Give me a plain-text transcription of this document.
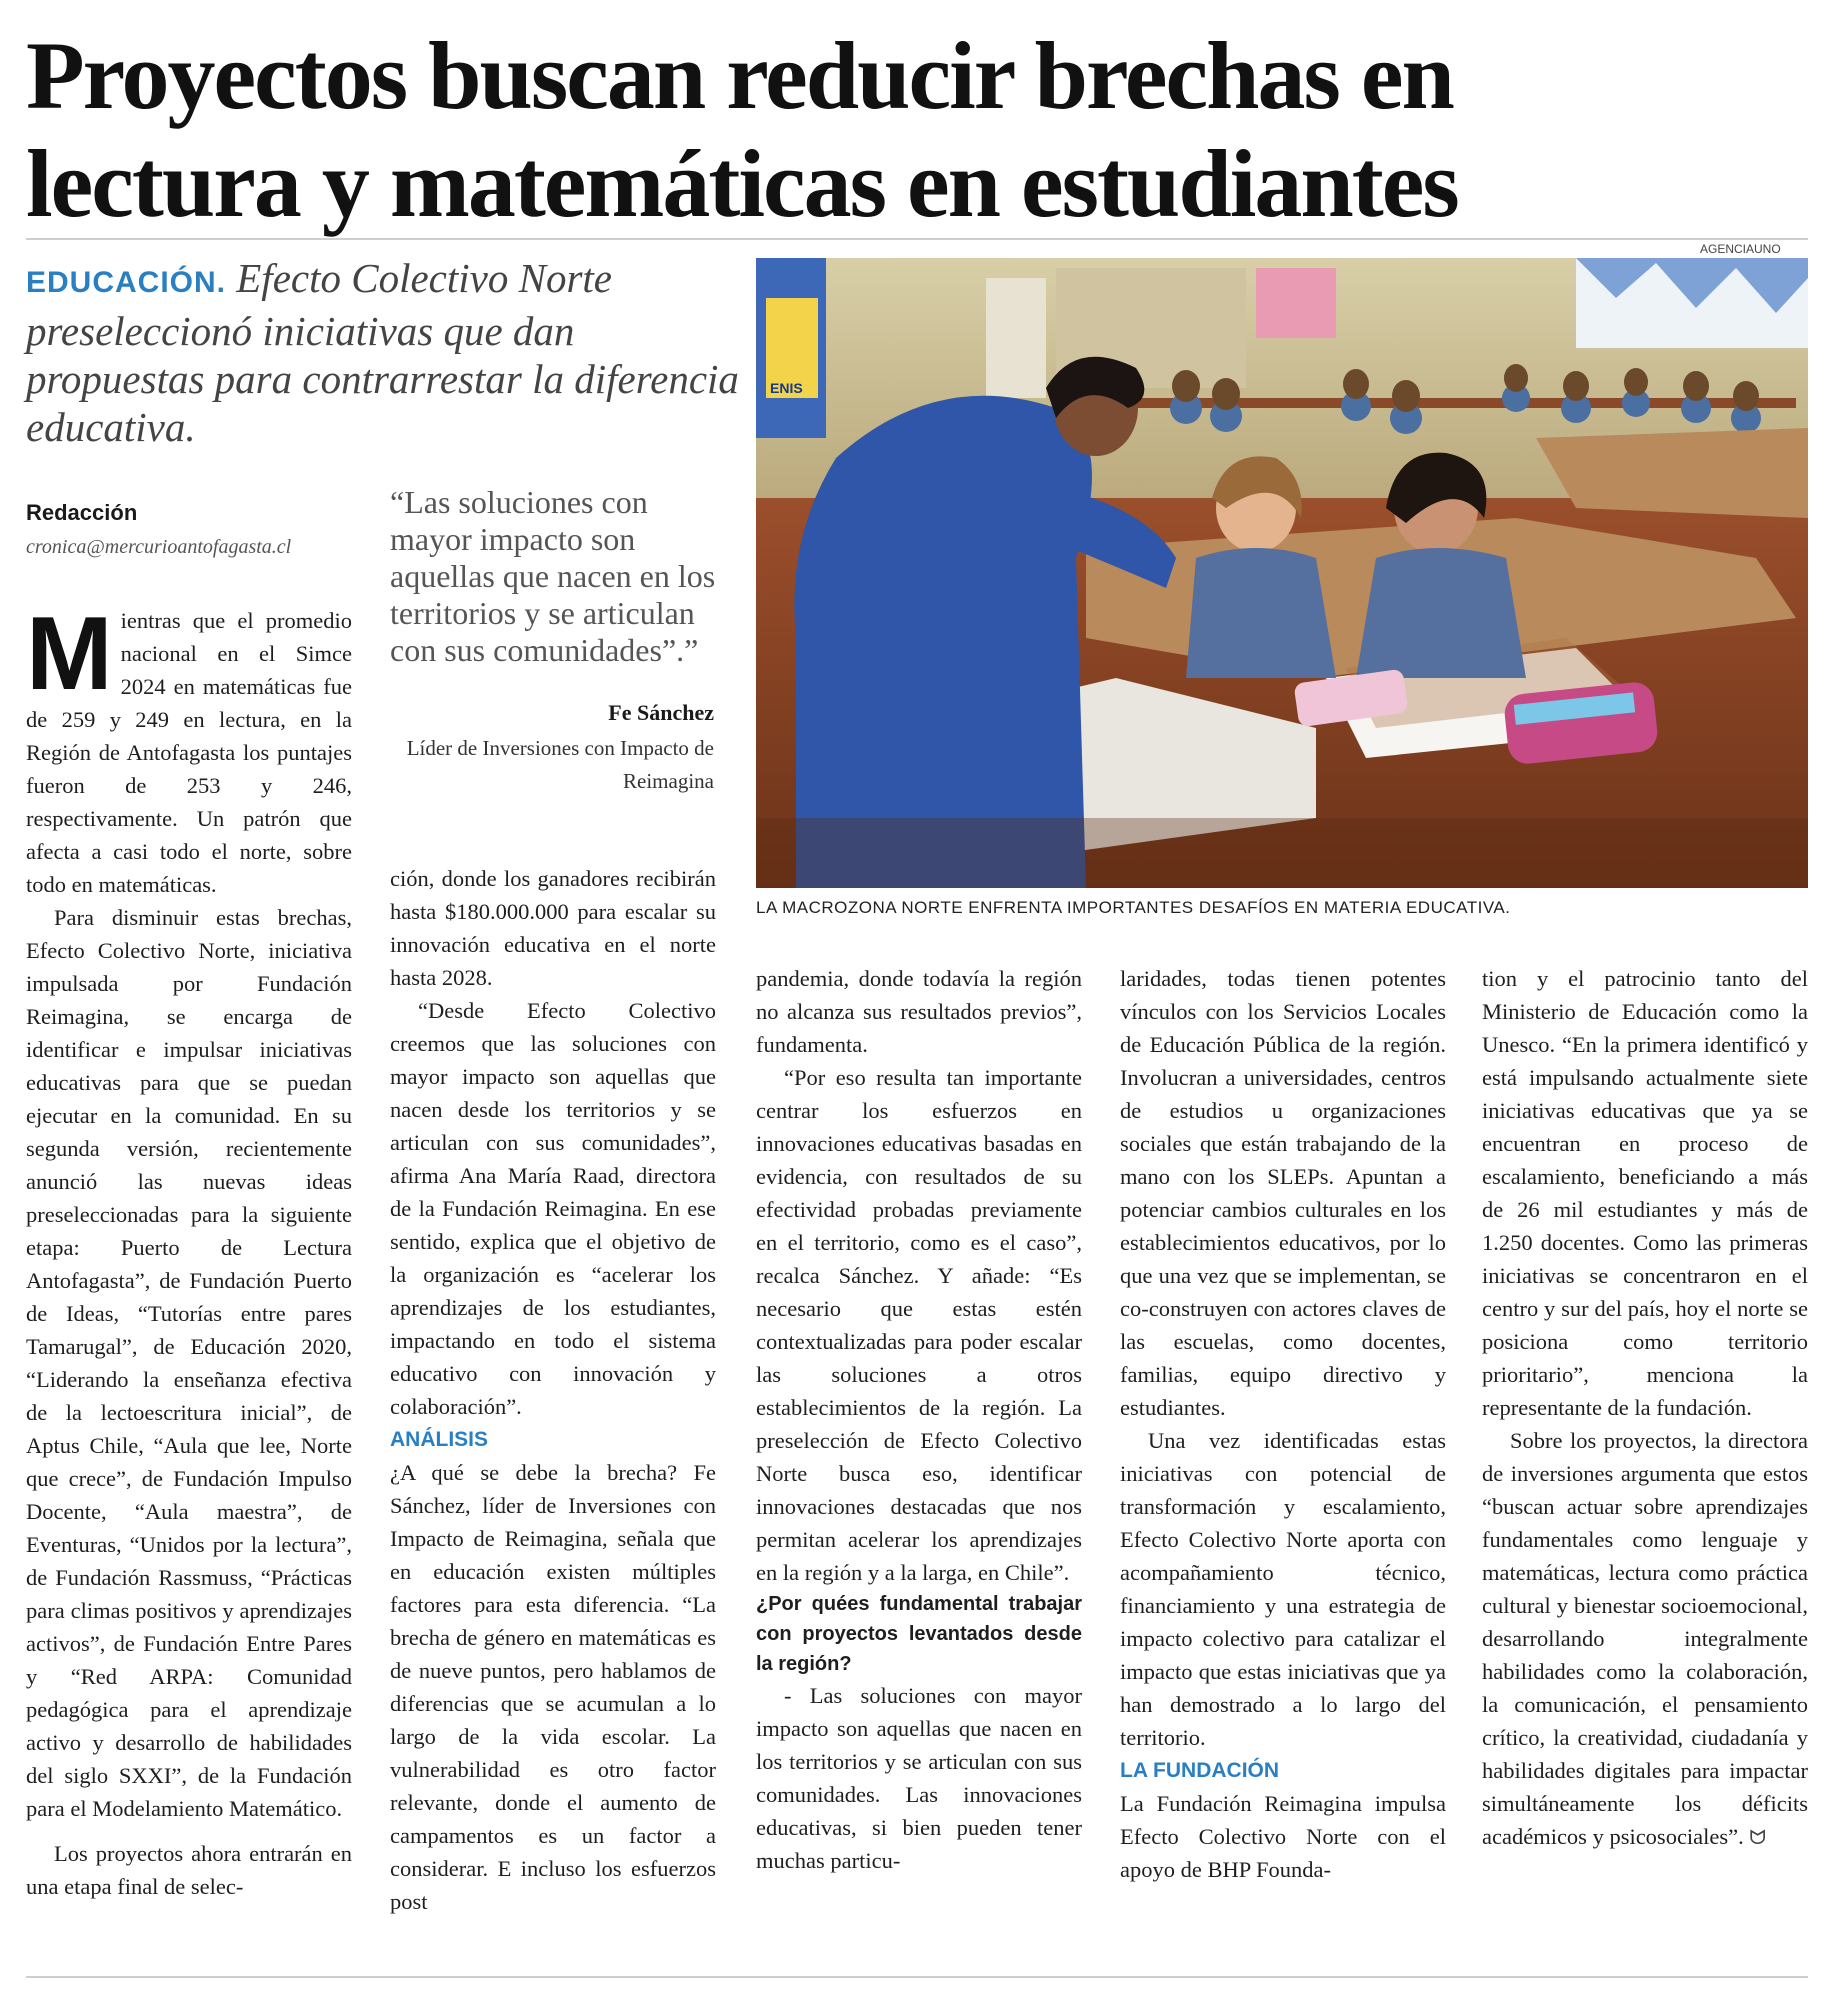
Proyectos buscan reducir brechas en
lectura y matemáticas en estudiantes

EDUCACIÓN. Efecto Colectivo Norte preseleccionó iniciativas que dan propuestas para contrarrestar la diferencia educativa.

Redacción
cronica@mercurioantofagasta.cl

“Las soluciones con mayor impacto son aquellas que nacen en los territorios y se articulan con sus comunidades”.”

Fe Sánchez
Líder de Inversiones con Impacto de Reimagina
AGENCIAUNO
ENIS
LA MACROZONA NORTE ENFRENTA IMPORTANTES DESAFÍOS EN MATERIA EDUCATIVA.

Mientras que el promedio nacional en el Simce 2024 en matemáticas fue de 259 y 249 en lectura, en la Región de Antofagasta los puntajes fueron de 253 y 246, respectivamente. Un patrón que afecta a casi todo el norte, sobre todo en matemáticas.

Para disminuir estas brechas, Efecto Colectivo Norte, iniciativa impulsada por Fundación Reimagina, se encarga de identificar e impulsar iniciativas educativas para que se puedan ejecutar en la comunidad. En su segunda versión, recientemente anunció las nuevas ideas preseleccionadas para la siguiente etapa: Puerto de Lectura Antofagasta”, de Fundación Puerto de Ideas, “Tutorías entre pares Tamarugal”, de Educación 2020, “Liderando la enseñanza efectiva de la lectoescritura inicial”, de Aptus Chile, “Aula que lee, Norte que crece”, de Fundación Impulso Docente, “Aula maestra”, de Eventuras, “Unidos por la lectura”, de Fundación Rassmuss, “Prácticas para climas positivos y aprendizajes activos”, de Fundación Entre Pares y “Red ARPA: Comunidad pedagógica para el aprendizaje activo y desarrollo de habilidades del siglo SXXI”, de la Fundación para el Modelamiento Matemático.

Los proyectos ahora entrarán en una etapa final de selec-

ción, donde los ganadores recibirán hasta $180.000.000 para escalar su innovación educativa en el norte hasta 2028.

“Desde Efecto Colectivo creemos que las soluciones con mayor impacto son aquellas que nacen desde los territorios y se articulan con sus comunidades”, afirma Ana María Raad, directora de la Fundación Reimagina. En ese sentido, explica que el objetivo de la organización es “acelerar los aprendizajes de los estudiantes, impactando en todo el sistema educativo con innovación y colaboración”.

ANÁLISIS

¿A qué se debe la brecha? Fe Sánchez, líder de Inversiones con Impacto de Reimagina, señala que en educación existen múltiples factores para esta diferencia. “La brecha de género en matemáticas es de nueve puntos, pero hablamos de diferencias que se acumulan a lo largo de la vida escolar. La vulnerabilidad es otro factor relevante, donde el aumento de campamentos es un factor a considerar. E incluso los esfuerzos post

pandemia, donde todavía la región no alcanza sus resultados previos”, fundamenta.

“Por eso resulta tan importante centrar los esfuerzos en innovaciones educativas basadas en evidencia, con resultados de su efectividad probadas previamente en el territorio, como es el caso”, recalca Sánchez. Y añade: “Es necesario que estas estén contextualizadas para poder escalar las soluciones a otros establecimientos de la región. La preselección de Efecto Colectivo Norte busca eso, identificar innovaciones destacadas que nos permitan acelerar los aprendizajes en la región y a la larga, en Chile”.

¿Por quées fundamental trabajar con proyectos levantados desde la región?

- Las soluciones con mayor impacto son aquellas que nacen en los territorios y se articulan con sus comunidades. Las innovaciones educativas, si bien pueden tener muchas particu-

laridades, todas tienen potentes vínculos con los Servicios Locales de Educación Pública de la región. Involucran a universidades, centros de estudios u organizaciones sociales que están trabajando de la mano con los SLEPs. Apuntan a potenciar cambios culturales en los establecimientos educativos, por lo que una vez que se implementan, se co-construyen con actores claves de las escuelas, como docentes, familias, equipo directivo y estudiantes.

Una vez identificadas estas iniciativas con potencial de transformación y escalamiento, Efecto Colectivo Norte aporta con acompañamiento técnico, financiamiento y una estrategia de impacto colectivo para catalizar el impacto que estas iniciativas que ya han demostrado a lo largo del territorio.

LA FUNDACIÓN

La Fundación Reimagina impulsa Efecto Colectivo Norte con el apoyo de BHP Founda-

tion y el patrocinio tanto del Ministerio de Educación como la Unesco. “En la primera identificó y está impulsando actualmente siete iniciativas educativas que ya se encuentran en proceso de escalamiento, beneficiando a más de 26 mil estudiantes y más de 1.250 docentes. Como las primeras iniciativas se concentraron en el centro y sur del país, hoy el norte se posiciona como territorio prioritario”, menciona la representante de la fundación.

Sobre los proyectos, la directora de inversiones argumenta que estos “buscan actuar sobre aprendizajes fundamentales como lenguaje y matemáticas, lectura como práctica cultural y bienestar socioemocional, desarrollando integralmente habilidades como la colaboración, la comunicación, el pensamiento crítico, la creatividad, ciudadanía y habilidades digitales para impactar simultáneamente los déficits académicos y psicosociales”. ᗢ
